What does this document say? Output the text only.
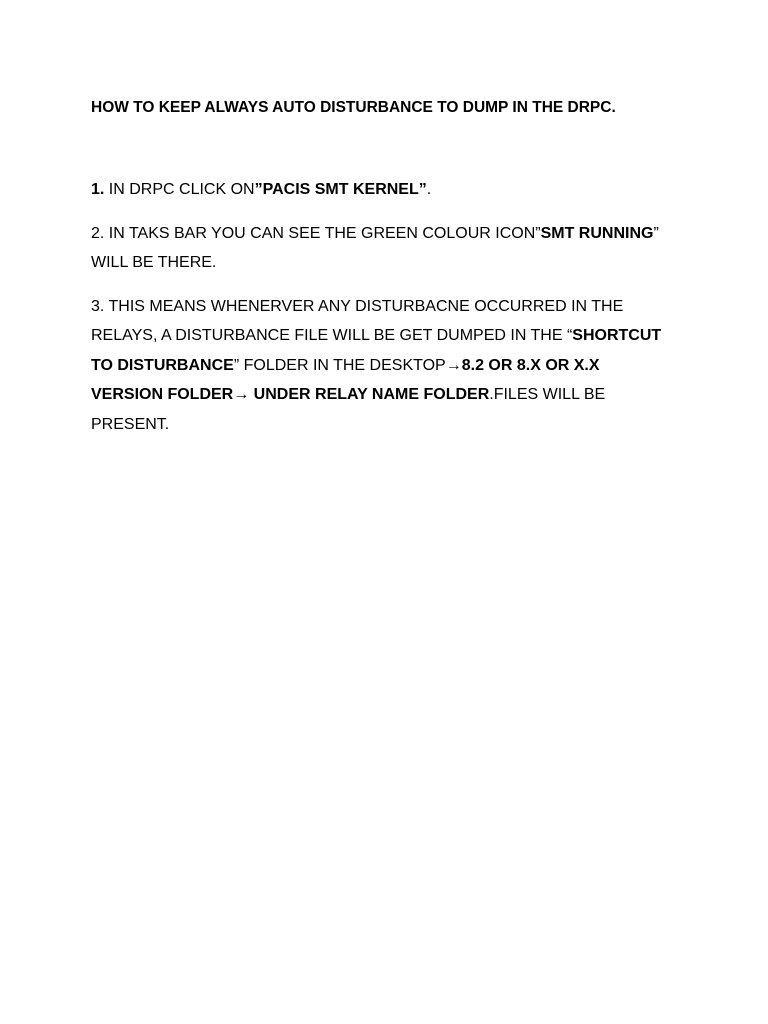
HOW TO KEEP ALWAYS AUTO DISTURBANCE TO DUMP IN THE DRPC.

1. IN DRPC CLICK ON”PACIS SMT KERNEL”.

2. IN TAKS BAR YOU CAN SEE THE GREEN COLOUR ICON”SMT RUNNING” WILL BE THERE.

3. THIS MEANS WHENERVER ANY DISTURBACNE OCCURRED IN THE RELAYS, A DISTURBANCE FILE WILL BE GET DUMPED IN THE “SHORTCUT TO DISTURBANCE” FOLDER IN THE DESKTOP→8.2 OR 8.X OR X.X VERSION FOLDER→ UNDER RELAY NAME FOLDER.FILES WILL BE PRESENT.
